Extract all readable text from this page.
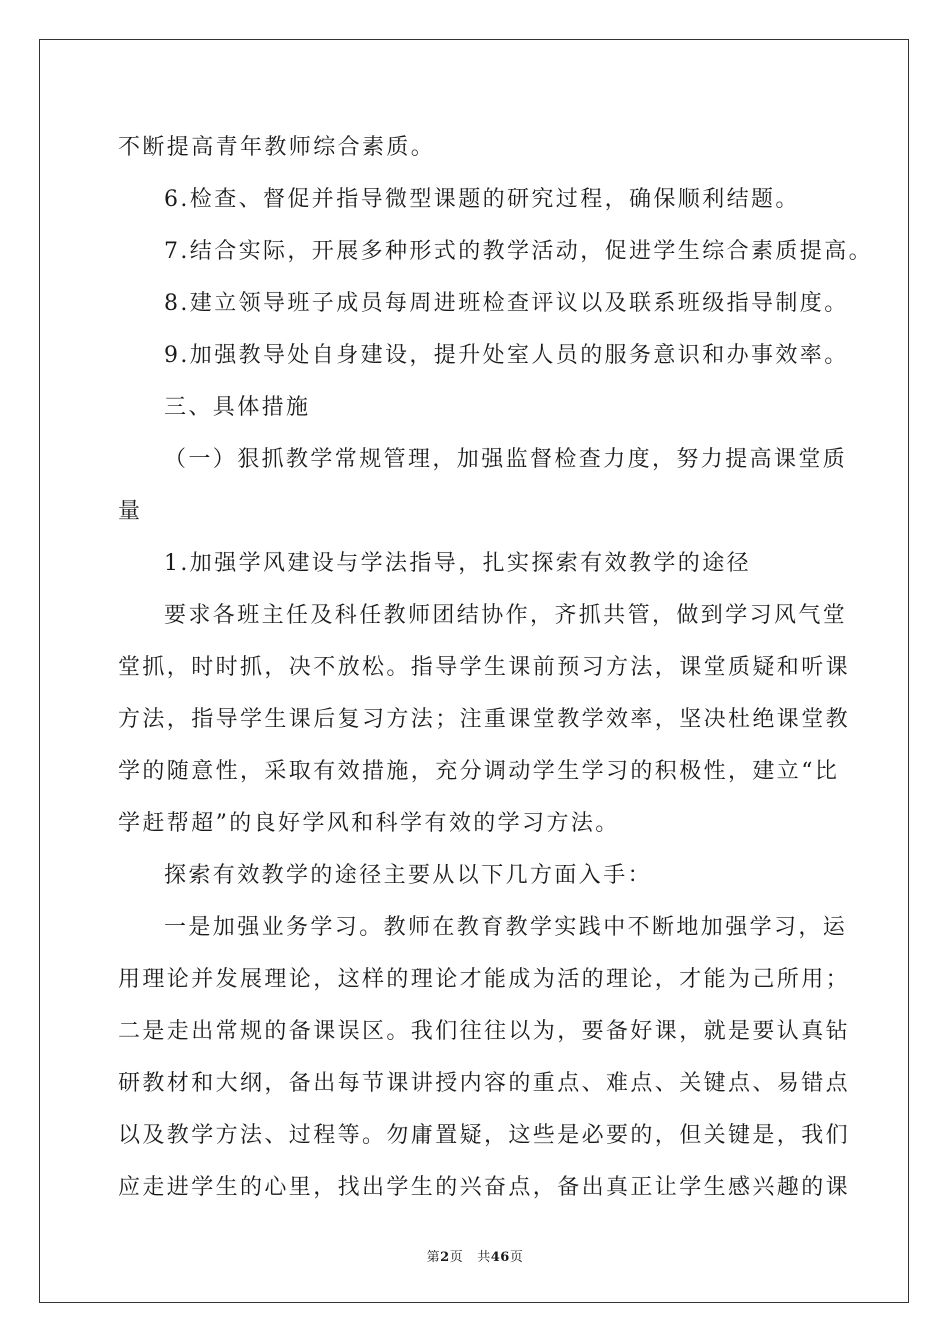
不断提高青年教师综合素质。
6.检查、督促并指导微型课题的研究过程，确保顺利结题。
7.结合实际，开展多种形式的教学活动，促进学生综合素质提高。
8.建立领导班子成员每周进班检查评议以及联系班级指导制度。
9.加强教导处自身建设，提升处室人员的服务意识和办事效率。
三、具体措施
（一）狠抓教学常规管理，加强监督检查力度，努力提高课堂质
量
1.加强学风建设与学法指导，扎实探索有效教学的途径
要求各班主任及科任教师团结协作，齐抓共管，做到学习风气堂
堂抓，时时抓，决不放松。指导学生课前预习方法，课堂质疑和听课
方法，指导学生课后复习方法；注重课堂教学效率，坚决杜绝课堂教
学的随意性，采取有效措施，充分调动学生学习的积极性，建立“比
学赶帮超”的良好学风和科学有效的学习方法。
探索有效教学的途径主要从以下几方面入手：
一是加强业务学习。教师在教育教学实践中不断地加强学习，运
用理论并发展理论，这样的理论才能成为活的理论，才能为己所用；
二是走出常规的备课误区。我们往往以为，要备好课，就是要认真钻
研教材和大纲，备出每节课讲授内容的重点、难点、关键点、易错点
以及教学方法、过程等。勿庸置疑，这些是必要的，但关键是，我们
应走进学生的心里，找出学生的兴奋点，备出真正让学生感兴趣的课
第2页 共46页
